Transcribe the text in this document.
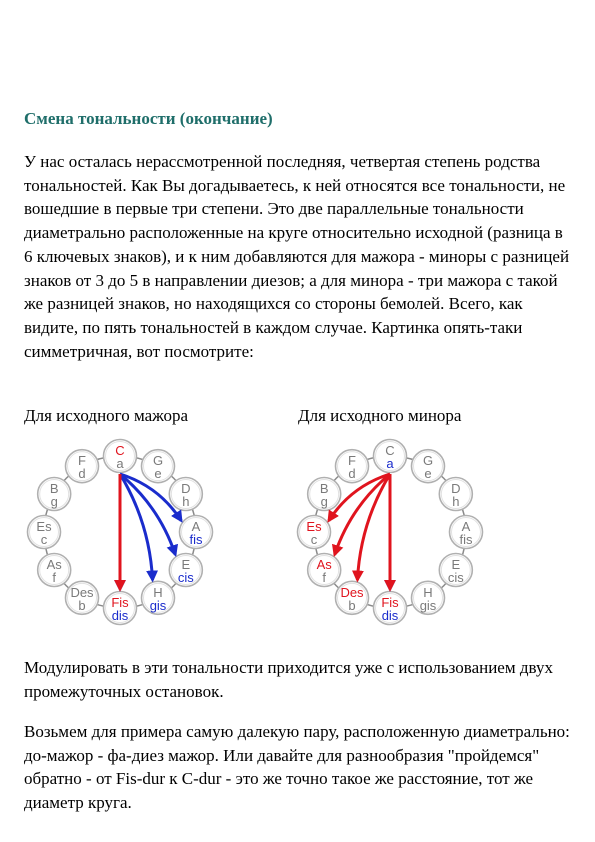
Смена тональности (окончание)

У нас осталась нерассмотренной последняя, четвертая степень родства тональностей. Как Вы догадываетесь, к ней относятся все тональности, не вошедшие в первые три степени. Это две параллельные тональности диаметрально расположенные на круге относительно исходной (разница в 6 ключевых знаков), и к ним добавляются для мажора - миноры с разницей знаков от 3 до 5 в направлении диезов; а для минора - три мажора с такой же разницей знаков, но находящихся со стороны бемолей. Всего, как видите, по пять тональностей в каждом случае. Картинка опять-таки симметричная, вот посмотрите:

Для исходного мажора	Для исходного минора
C
a G
e
D
h
A
fis
E
cis
H
gis
Fis
dis
Des
b
As
f
Es
c
B
g
F
d
C
a G
e
D
h
A
fis
E
cis
H
gis
Fis
dis
Des
b
As
f
Es
c
B
g
F
d

Модулировать в эти тональности приходится уже с использованием двух промежуточных остановок.

Возьмем для примера самую далекую пару, расположенную диаметрально: до-мажор - фа-диез мажор. Или давайте для разнообразия "пройдемся" обратно - от Fis-dur к C-dur - это же точно такое же расстояние, тот же диаметр круга.
